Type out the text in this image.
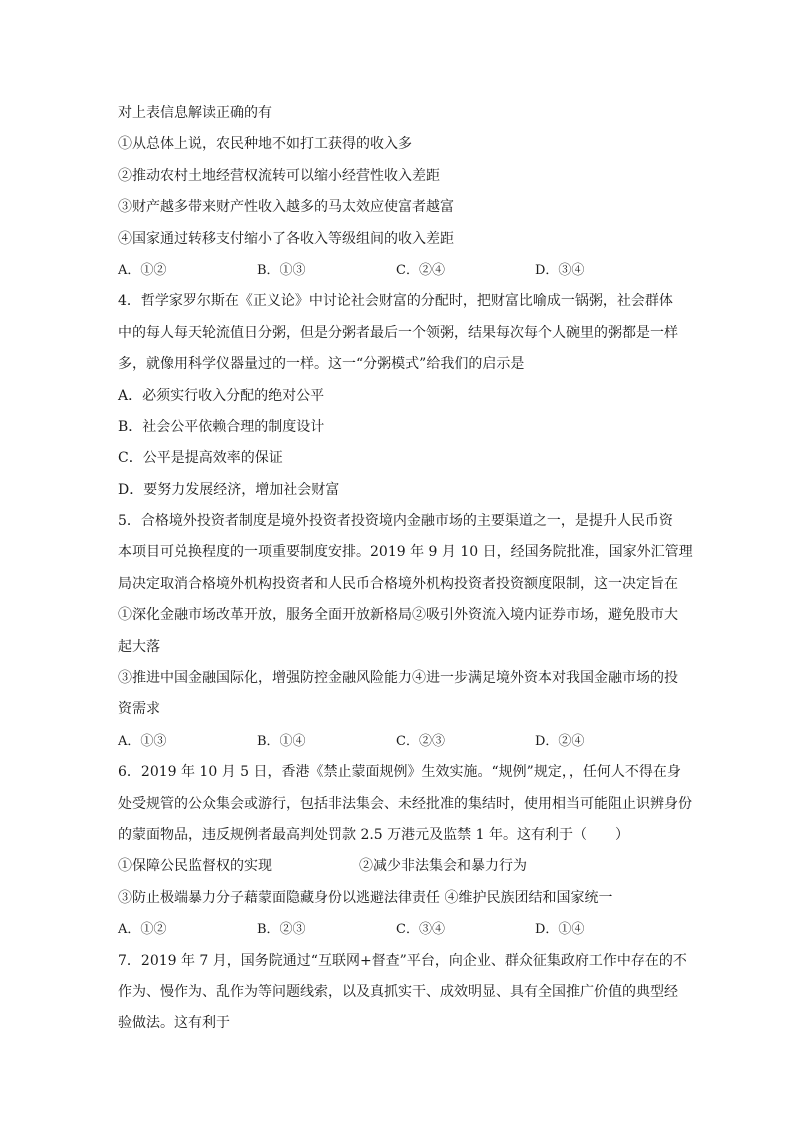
对上表信息解读正确的有
①从总体上说，农民种地不如打工获得的收入多
②推动农村土地经营权流转可以缩小经营性收入差距
③财产越多带来财产性收入越多的马太效应使富者越富
④国家通过转移支付缩小了各收入等级组间的收入差距
A．①②	B．①③	C．②④	D．③④
4．哲学家罗尔斯在《正义论》中讨论社会财富的分配时，把财富比喻成一锅粥，社会群体
中的每人每天轮流值日分粥，但是分粥者最后一个领粥，结果每次每个人碗里的粥都是一样
多，就像用科学仪器量过的一样。这一“分粥模式”给我们的启示是
A．必须实行收入分配的绝对公平
B．社会公平依赖合理的制度设计
C．公平是提高效率的保证
D．要努力发展经济，增加社会财富
5．合格境外投资者制度是境外投资者投资境内金融市场的主要渠道之一，是提升人民币资
本项目可兑换程度的一项重要制度安排。2019 年 9 月 10 日，经国务院批准，国家外汇管理
局决定取消合格境外机构投资者和人民币合格境外机构投资者投资额度限制，这一决定旨在
①深化金融市场改革开放，服务全面开放新格局②吸引外资流入境内证券市场，避免股市大
起大落
③推进中国金融国际化，增强防控金融风险能力④进一步满足境外资本对我国金融市场的投
资需求
A．①③	B．①④	C．②③	D．②④
6．2019 年 10 月 5 日，香港《禁止蒙面规例》生效实施。“规例”规定，，任何人不得在身
处受规管的公众集会或游行，包括非法集会、未经批准的集结时，使用相当可能阻止识辨身份
的蒙面物品，违反规例者最高判处罚款 2.5 万港元及监禁 1 年。这有利于（　　）
①保障公民监督权的实现	②减少非法集会和暴力行为
③防止极端暴力分子藉蒙面隐藏身份以逃避法律责任 ④维护民族团结和国家统一
A．①②	B．②③	C．③④	D．①④
7．2019 年 7 月，国务院通过“互联网+督查”平台，向企业、群众征集政府工作中存在的不
作为、慢作为、乱作为等问题线索，以及真抓实干、成效明显、具有全国推广价值的典型经
验做法。这有利于
